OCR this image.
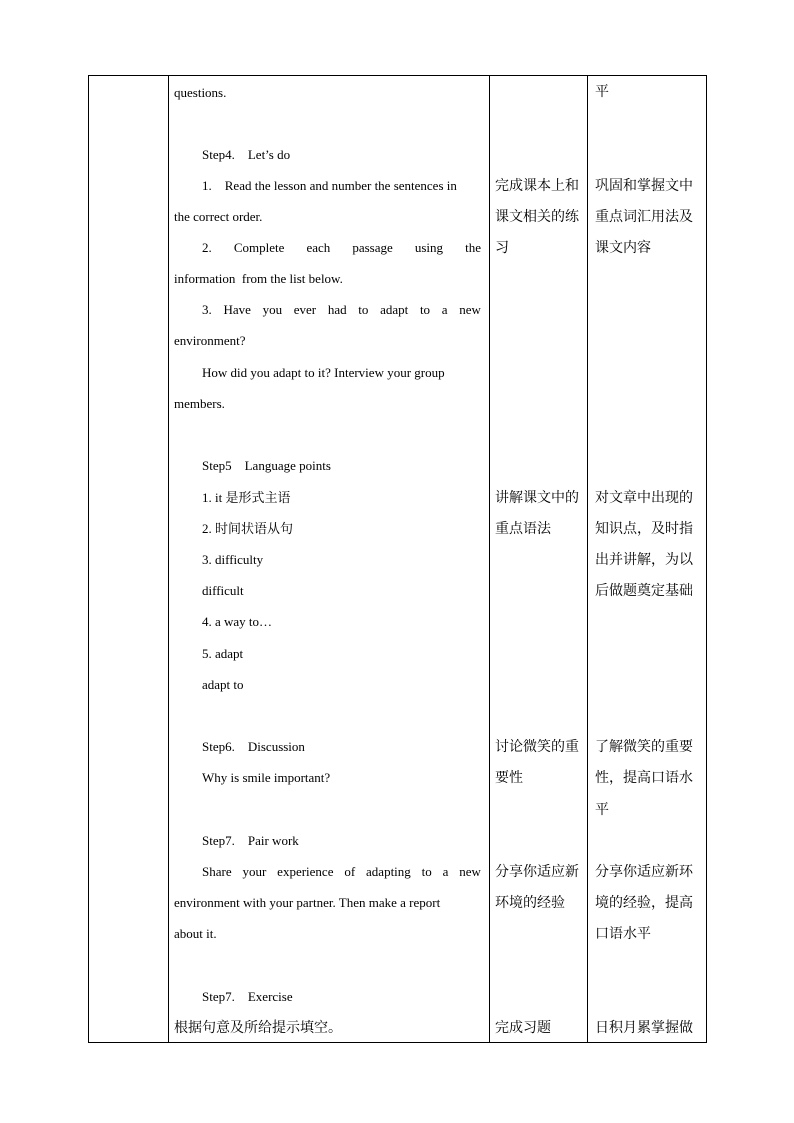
questions.
Step4.    Let’s do
1.    Read the lesson and number the sentences in
the correct order.
2. Complete each passage using the
information  from the list below.
3. Have you ever had to adapt to a new
environment?
How did you adapt to it? Interview your group
members.
Step5    Language points
1. it 是形式主语
2. 时间状语从句
3. difficulty
difficult
4. a way to…
5. adapt
adapt to
Step6.    Discussion
Why is smile important?
Step7.    Pair work
Share your experience of adapting to a new
environment with your partner. Then make a report
about it.
Step7.    Exercise
根据句意及所给提示填空。
完成课本上和
课文相关的练
习
讲解课文中的
重点语法
讨论微笑的重
要性
分享你适应新
环境的经验
完成习题
平
巩固和掌握文中
重点词汇用法及
课文内容
对文章中出现的
知识点，及时指
出并讲解，为以
后做题奠定基础
了解微笑的重要
性，提高口语水
平
分享你适应新环
境的经验，提高
口语水平
日积月累掌握做
